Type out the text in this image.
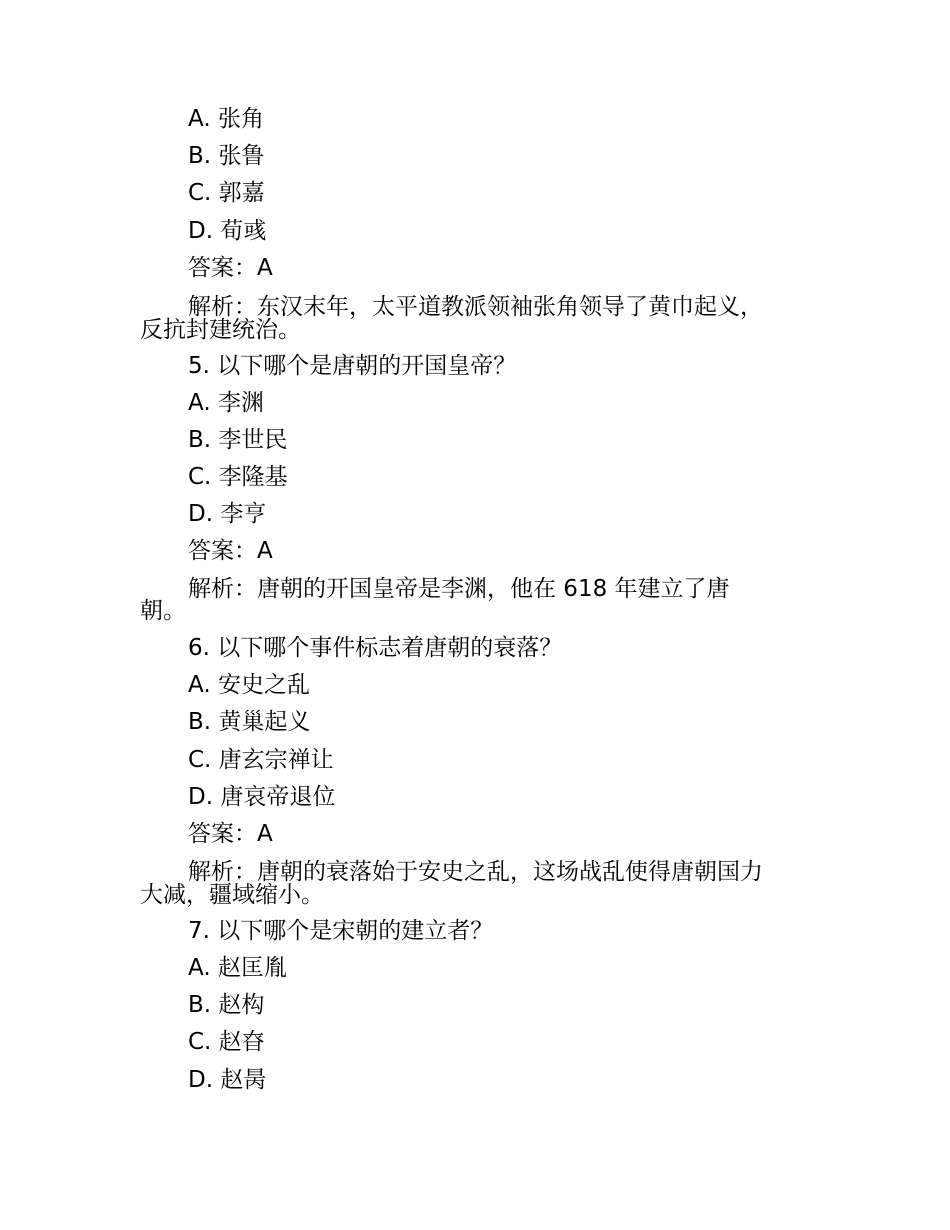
A. 张角
B. 张鲁
C. 郭嘉
D. 荀彧
答案：A
解析：东汉末年，太平道教派领袖张角领导了黄巾起义，
反抗封建统治。
5. 以下哪个是唐朝的开国皇帝？
A. 李渊
B. 李世民
C. 李隆基
D. 李亨
答案：A
解析：唐朝的开国皇帝是李渊，他在 618 年建立了唐
朝。
6. 以下哪个事件标志着唐朝的衰落？
A. 安史之乱
B. 黄巢起义
C. 唐玄宗禅让
D. 唐哀帝退位
答案：A
解析：唐朝的衰落始于安史之乱，这场战乱使得唐朝国力
大减，疆域缩小。
7. 以下哪个是宋朝的建立者？
A. 赵匡胤
B. 赵构
C. 赵昚
D. 赵昺
